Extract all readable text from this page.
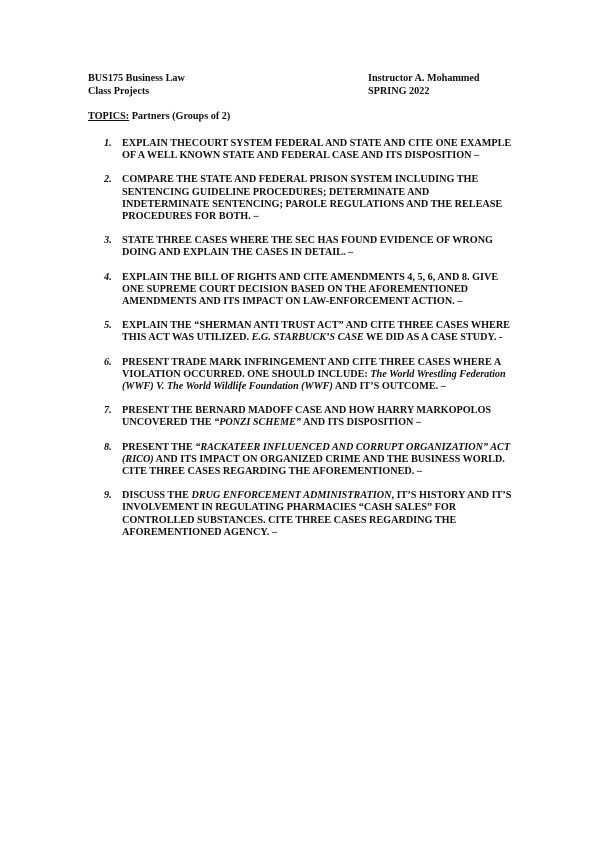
BUS175 Business Law
Class Projects
Instructor A. Mohammed
SPRING 2022
TOPICS: Partners (Groups of 2)
1. EXPLAIN THECOURT SYSTEM FEDERAL AND STATE AND CITE ONE EXAMPLE OF A WELL KNOWN STATE AND FEDERAL CASE AND ITS DISPOSITION –
2. COMPARE THE STATE AND FEDERAL PRISON SYSTEM INCLUDING THE SENTENCING GUIDELINE PROCEDURES; DETERMINATE AND INDETERMINATE SENTENCING; PAROLE REGULATIONS AND THE RELEASE PROCEDURES FOR BOTH. –
3. STATE THREE CASES WHERE THE SEC HAS FOUND EVIDENCE OF WRONG DOING AND EXPLAIN THE CASES IN DETAIL. –
4. EXPLAIN THE BILL OF RIGHTS AND CITE AMENDMENTS 4, 5, 6, AND 8. GIVE ONE SUPREME COURT DECISION BASED ON THE AFOREMENTIONED AMENDMENTS AND ITS IMPACT ON LAW-ENFORCEMENT ACTION. –
5. EXPLAIN THE “SHERMAN ANTI TRUST ACT” AND CITE THREE CASES WHERE THIS ACT WAS UTILIZED. E.G. STARBUCK’S CASE WE DID AS A CASE STUDY. -
6. PRESENT TRADE MARK INFRINGEMENT AND CITE THREE CASES WHERE A VIOLATION OCCURRED. ONE SHOULD INCLUDE: The World Wrestling Federation (WWF) V. The World Wildlife Foundation (WWF) AND IT’S OUTCOME. –
7. PRESENT THE BERNARD MADOFF CASE AND HOW HARRY MARKOPOLOS UNCOVERED THE “PONZI SCHEME” AND ITS DISPOSITION –
8. PRESENT THE “RACKATEER INFLUENCED AND CORRUPT ORGANIZATION” ACT (RICO) AND ITS IMPACT ON ORGANIZED CRIME AND THE BUSINESS WORLD. CITE THREE CASES REGARDING THE AFOREMENTIONED. –
9. DISCUSS THE DRUG ENFORCEMENT ADMINISTRATION, IT’S HISTORY AND IT’S INVOLVEMENT IN REGULATING PHARMACIES “CASH SALES” FOR CONTROLLED SUBSTANCES. CITE THREE CASES REGARDING THE AFOREMENTIONED AGENCY. –
